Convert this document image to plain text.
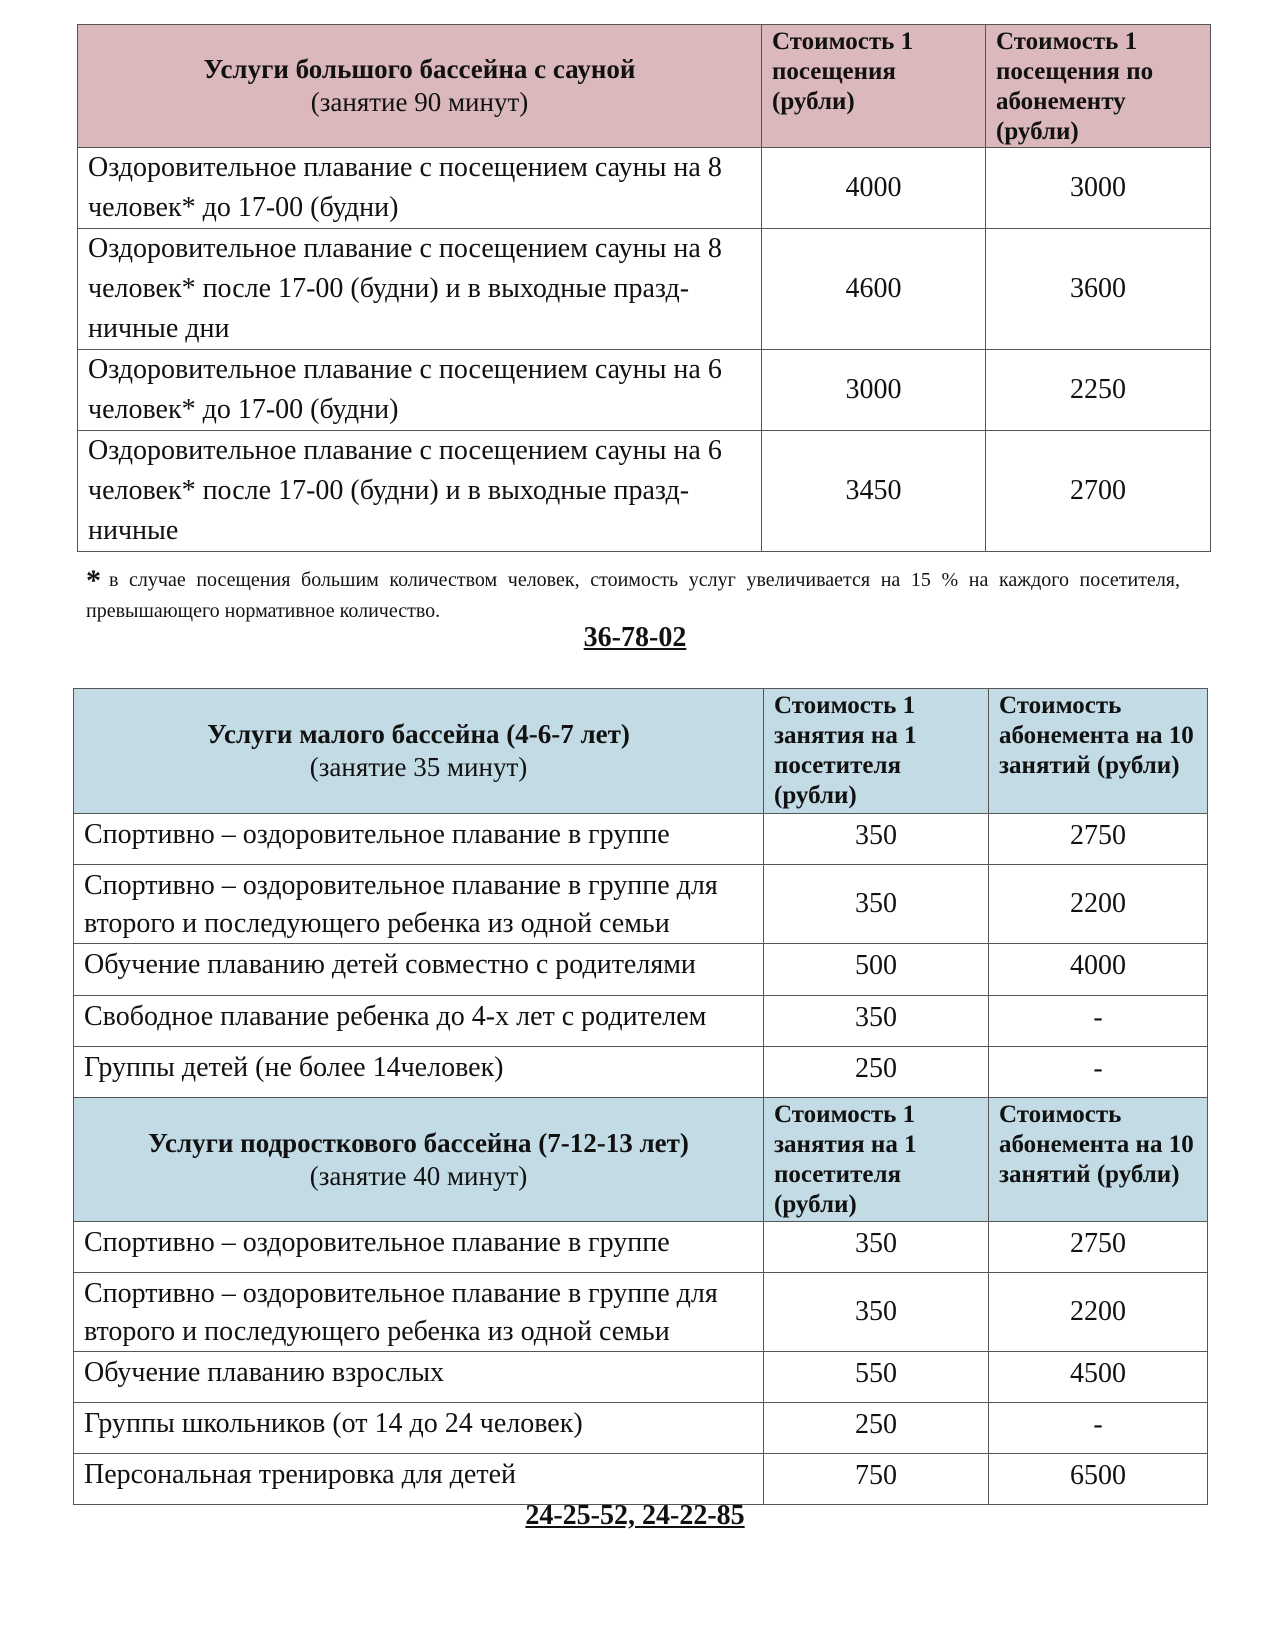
Услуги большого бассейна с сауной
(занятие 90 минут)	Стоимость 1 посещения (рубли)	Стоимость 1 посещения по абонементу (рубли)
Оздоровительное плавание с посещением сауны на 8 человек* до 17-00 (будни)	4000	3000
Оздоровительное плавание с посещением сауны на 8 человек* после 17-00 (будни) и в выходные празд-ничные дни	4600	3600
Оздоровительное плавание с посещением сауны на 6 человек* до 17-00 (будни)	3000	2250
Оздоровительное плавание с посещением сауны на 6 человек* после 17-00 (будни) и в выходные празд-ничные	3450	2700
* в случае посещения большим количеством человек, стоимость услуг увеличивается на 15 % на каждого посетителя, превышающего нормативное количество.
36-78-02
Услуги малого бассейна (4-6-7 лет)
(занятие 35 минут)	Стоимость 1 занятия на 1 посетителя (рубли)	Стоимость абонемента на 10 занятий (рубли)
Спортивно – оздоровительное плавание в группе	350	2750
Спортивно – оздоровительное плавание в группе для второго и последующего ребенка из одной семьи	350	2200
Обучение плаванию детей совместно с родителями	500	4000
Свободное плавание ребенка до 4-х лет с родителем	350	-
Группы детей (не более 14человек)	250	-

Услуги подросткового бассейна (7-12-13 лет)
(занятие 40 минут)	Стоимость 1 занятия на 1 посетителя (рубли)	Стоимость абонемента на 10 занятий (рубли)
Спортивно – оздоровительное плавание в группе	350	2750
Спортивно – оздоровительное плавание в группе для второго и последующего ребенка из одной семьи	350	2200
Обучение плаванию взрослых	550	4500
Группы школьников (от 14 до 24 человек)	250	-
Персональная тренировка для детей	750	6500
24-25-52, 24-22-85
